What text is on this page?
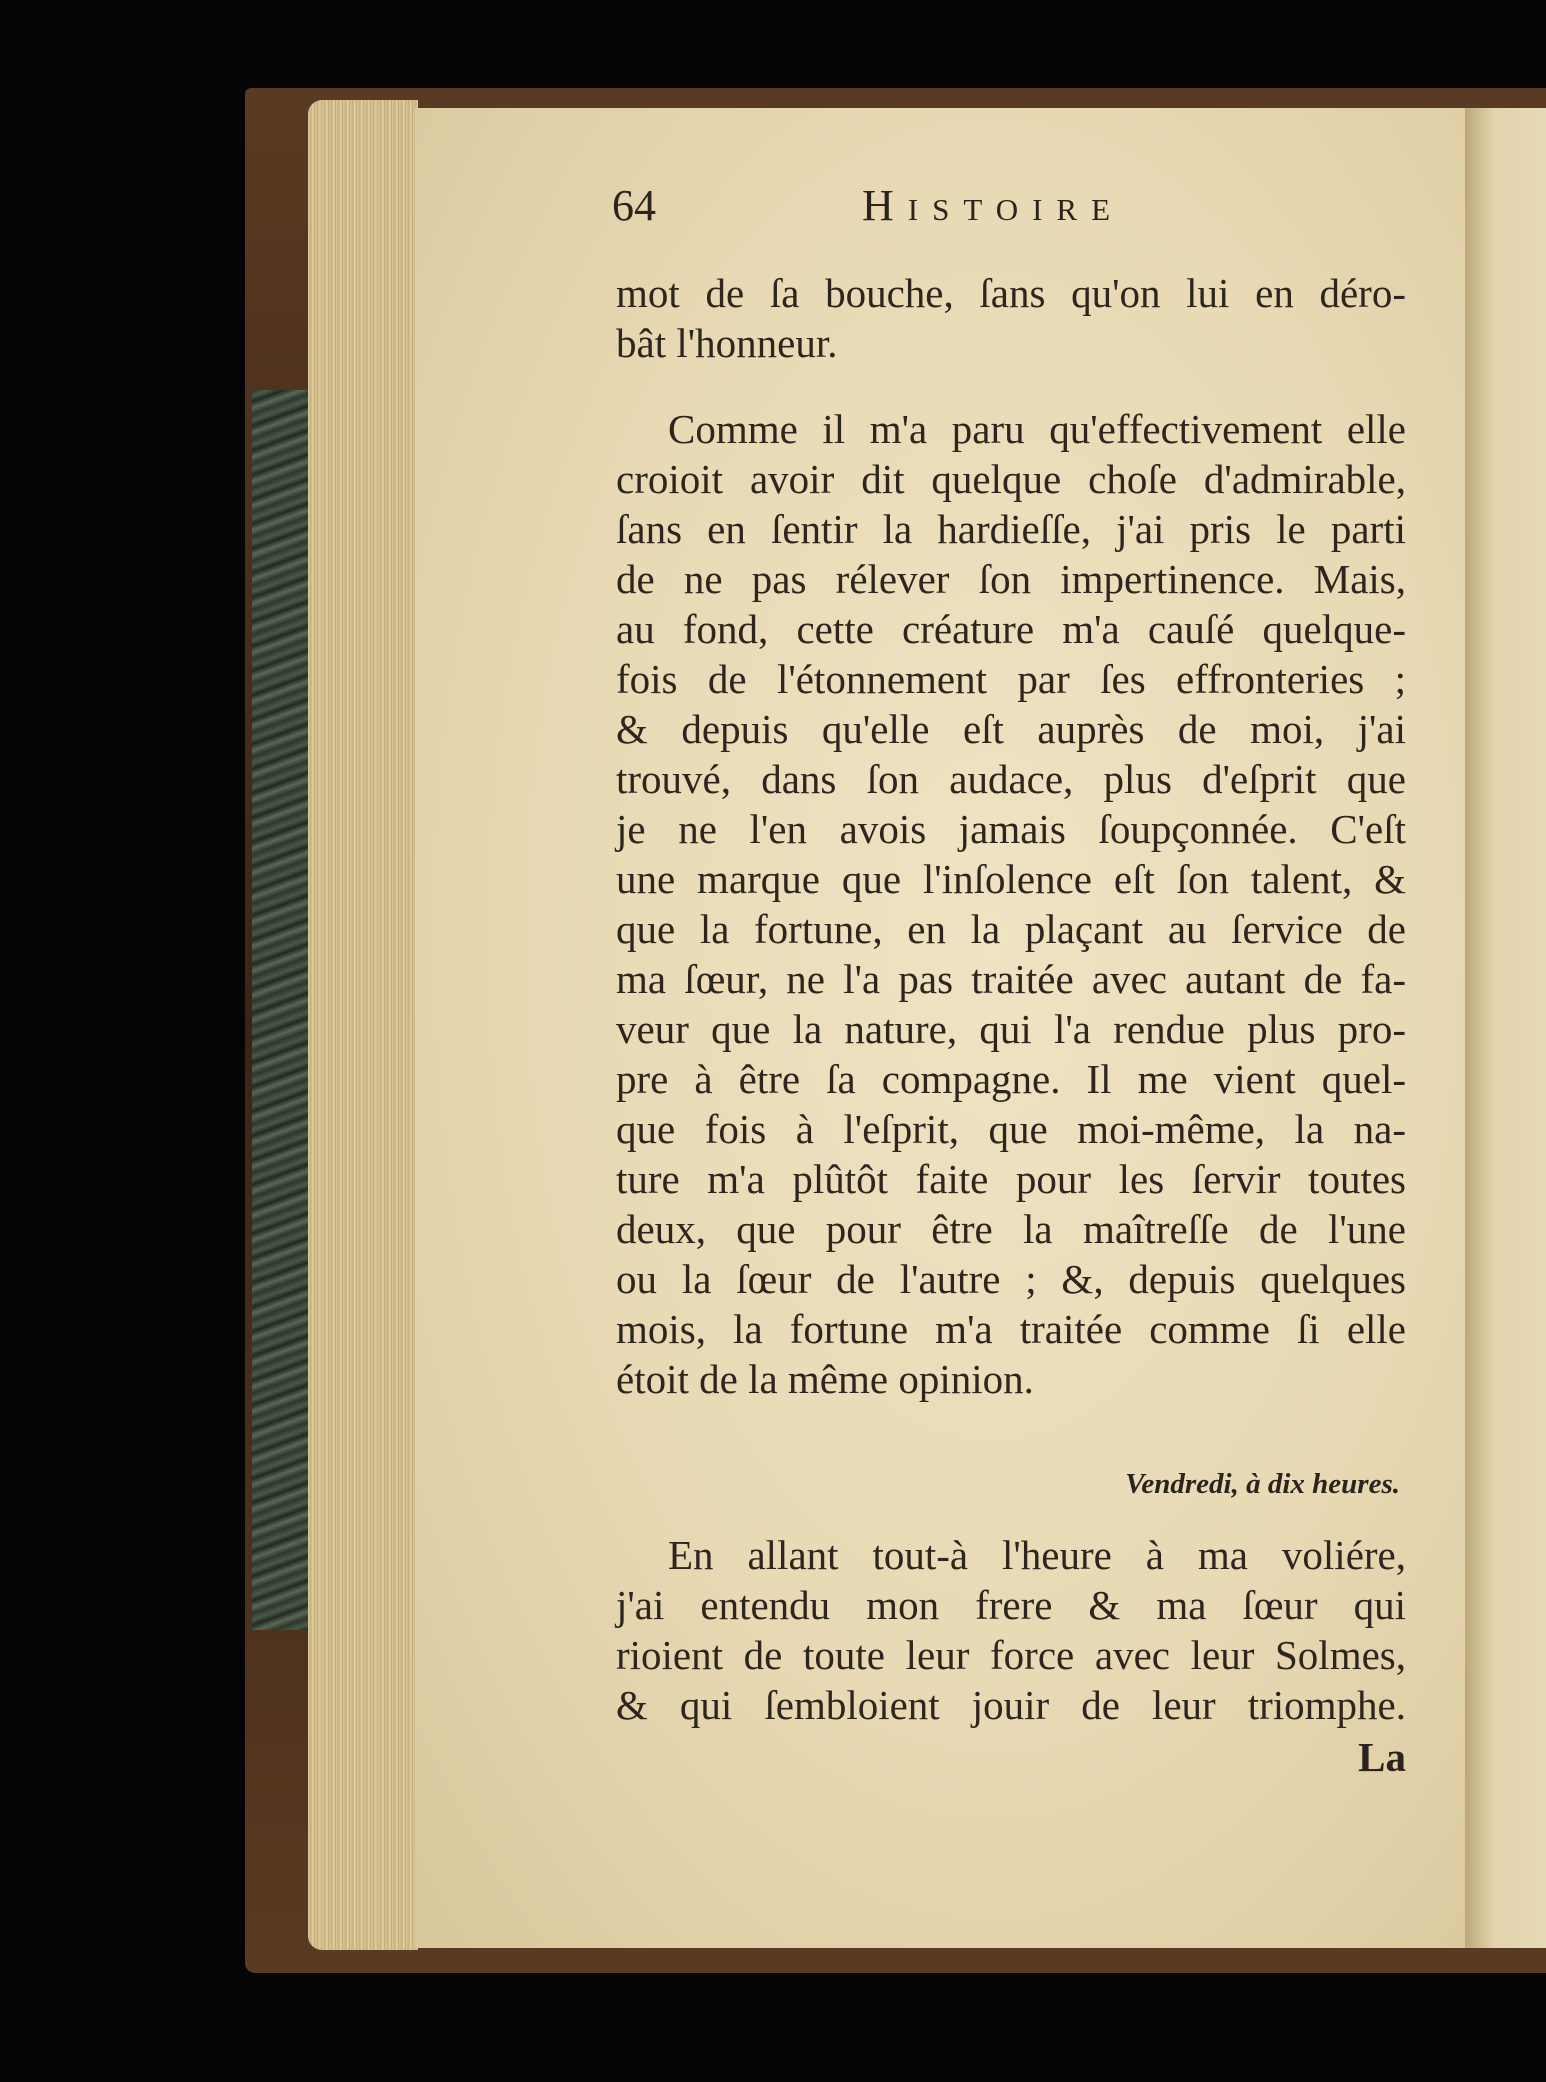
64	Histoire
mot de ſa bouche, ſans qu'on lui en déro-
bât l'honneur.
Comme il m'a paru qu'effectivement elle
croioit avoir dit quelque choſe d'admirable,
ſans en ſentir la hardieſſe, j'ai pris le parti
de ne pas rélever ſon impertinence. Mais,
au fond, cette créature m'a cauſé quelque-
fois de l'étonnement par ſes effronteries ;
& depuis qu'elle eſt auprès de moi, j'ai
trouvé, dans ſon audace, plus d'eſprit que
je ne l'en avois jamais ſoupçonnée. C'eſt
une marque que l'inſolence eſt ſon talent, &
que la fortune, en la plaçant au ſervice de
ma ſœur, ne l'a pas traitée avec autant de fa-
veur que la nature, qui l'a rendue plus pro-
pre à être ſa compagne. Il me vient quel-
que fois à l'eſprit, que moi-même, la na-
ture m'a plûtôt faite pour les ſervir toutes
deux, que pour être la maîtreſſe de l'une
ou la ſœur de l'autre ; &, depuis quelques
mois, la fortune m'a traitée comme ſi elle
étoit de la même opinion.
Vendredi, à dix heures.
En allant tout-à l'heure à ma voliére,
j'ai entendu mon frere & ma ſœur qui
rioient de toute leur force avec leur Solmes,
& qui ſembloient jouir de leur triomphe.
La
